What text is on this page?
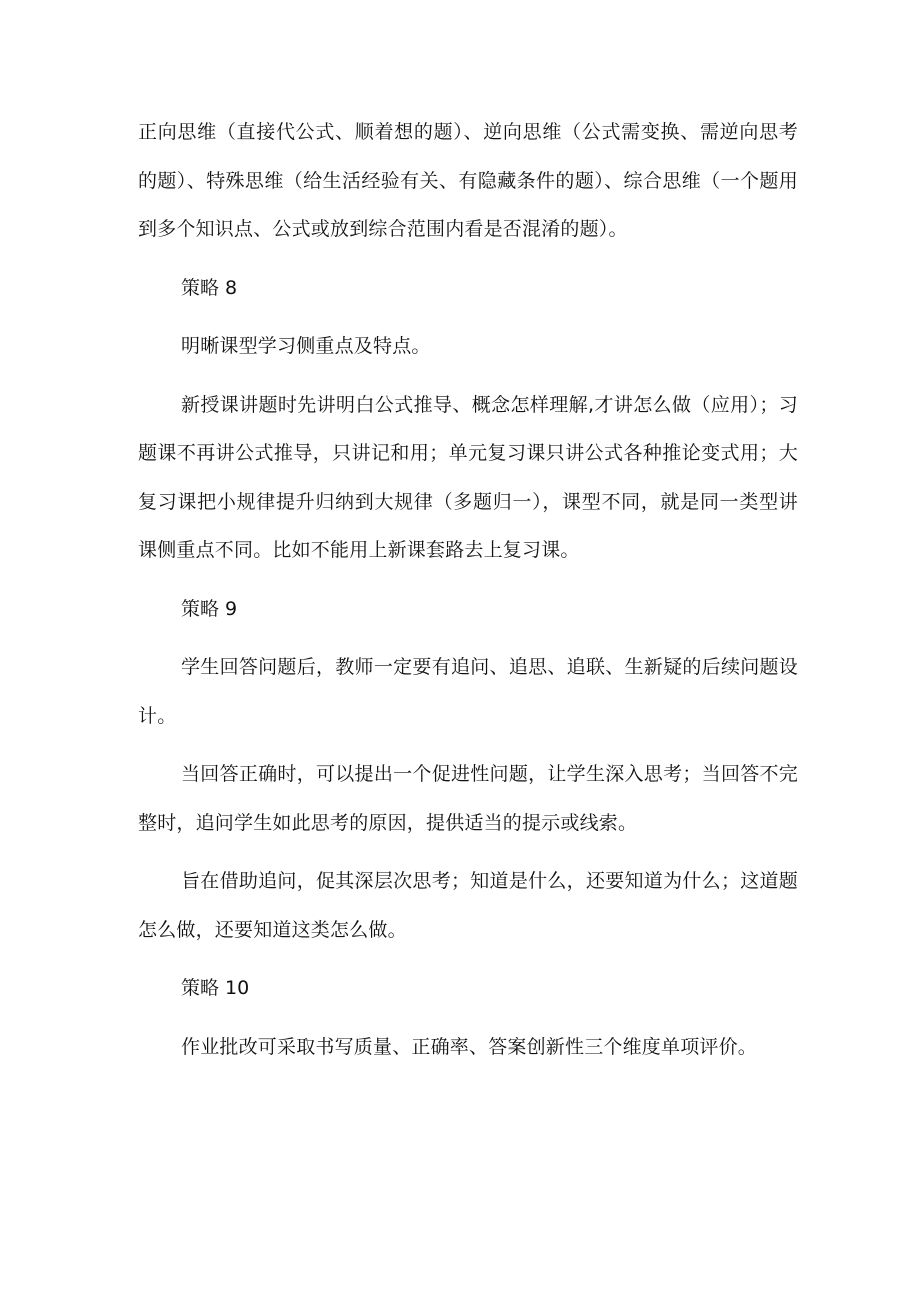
正向思维（直接代公式、顺着想的题）、逆向思维（公式需变换、需逆向思考的题）、特殊思维（给生活经验有关、有隐藏条件的题）、综合思维（一个题用到多个知识点、公式或放到综合范围内看是否混淆的题）。

策略 8

明晰课型学习侧重点及特点。

新授课讲题时先讲明白公式推导、概念怎样理解,才讲怎么做（应用）；习题课不再讲公式推导，只讲记和用；单元复习课只讲公式各种推论变式用；大复习课把小规律提升归纳到大规律（多题归一），课型不同，就是同一类型讲课侧重点不同。比如不能用上新课套路去上复习课。

策略 9

学生回答问题后，教师一定要有追问、追思、追联、生新疑的后续问题设计。

当回答正确时，可以提出一个促进性问题，让学生深入思考；当回答不完整时，追问学生如此思考的原因，提供适当的提示或线索。

旨在借助追问，促其深层次思考；知道是什么，还要知道为什么；这道题怎么做，还要知道这类怎么做。

策略 10

作业批改可采取书写质量、正确率、答案创新性三个维度单项评价。
